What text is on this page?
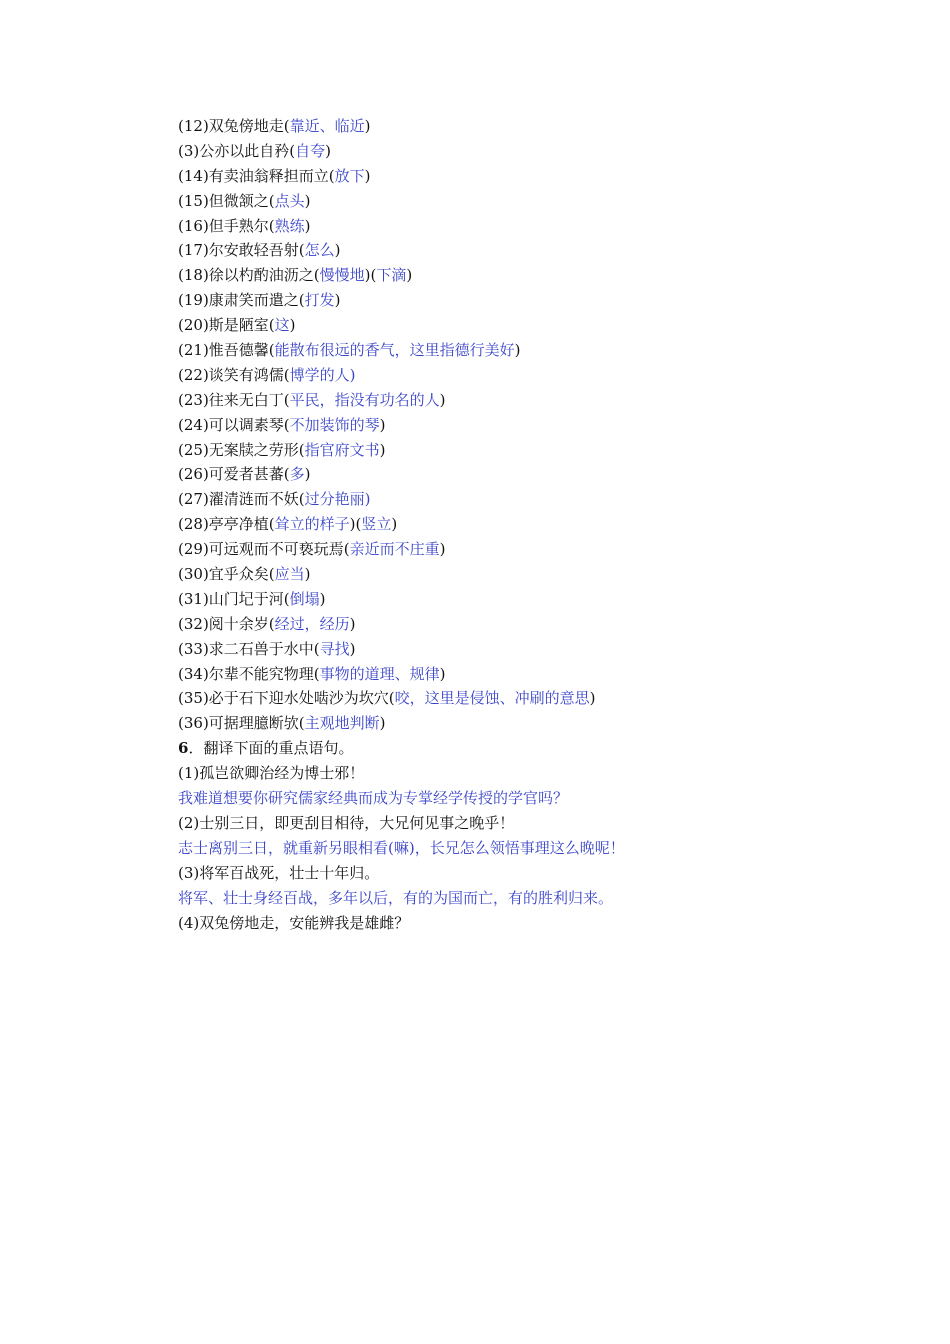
(12)双兔傍地走(靠近、临近)
(3)公亦以此自矜(自夸)
(14)有卖油翁释担而立(放下)
(15)但微颔之(点头)
(16)但手熟尔(熟练)
(17)尔安敢轻吾射(怎么)
(18)徐以杓酌油沥之(慢慢地)(下滴)
(19)康肃笑而遣之(打发)
(20)斯是陋室(这)
(21)惟吾德馨(能散布很远的香气，这里指德行美好)
(22)谈笑有鸿儒(博学的人)
(23)往来无白丁(平民，指没有功名的人)
(24)可以调素琴(不加装饰的琴)
(25)无案牍之劳形(指官府文书)
(26)可爱者甚蕃(多)
(27)濯清涟而不妖(过分艳丽)
(28)亭亭净植(耸立的样子)(竖立)
(29)可远观而不可亵玩焉(亲近而不庄重)
(30)宜乎众矣(应当)
(31)山门圮于河(倒塌)
(32)阅十余岁(经过，经历)
(33)求二石兽于水中(寻找)
(34)尔辈不能究物理(事物的道理、规律)
(35)必于石下迎水处啮沙为坎穴(咬，这里是侵蚀、冲刷的意思)
(36)可据理臆断欤(主观地判断)
6．翻译下面的重点语句。
(1)孤岂欲卿治经为博士邪！
我难道想要你研究儒家经典而成为专掌经学传授的学官吗？
(2)士别三日，即更刮目相待，大兄何见事之晚乎！
志士离别三日，就重新另眼相看(嘛)，长兄怎么领悟事理这么晚呢！
(3)将军百战死，壮士十年归。
将军、壮士身经百战，多年以后，有的为国而亡，有的胜利归来。
(4)双兔傍地走，安能辨我是雄雌？
